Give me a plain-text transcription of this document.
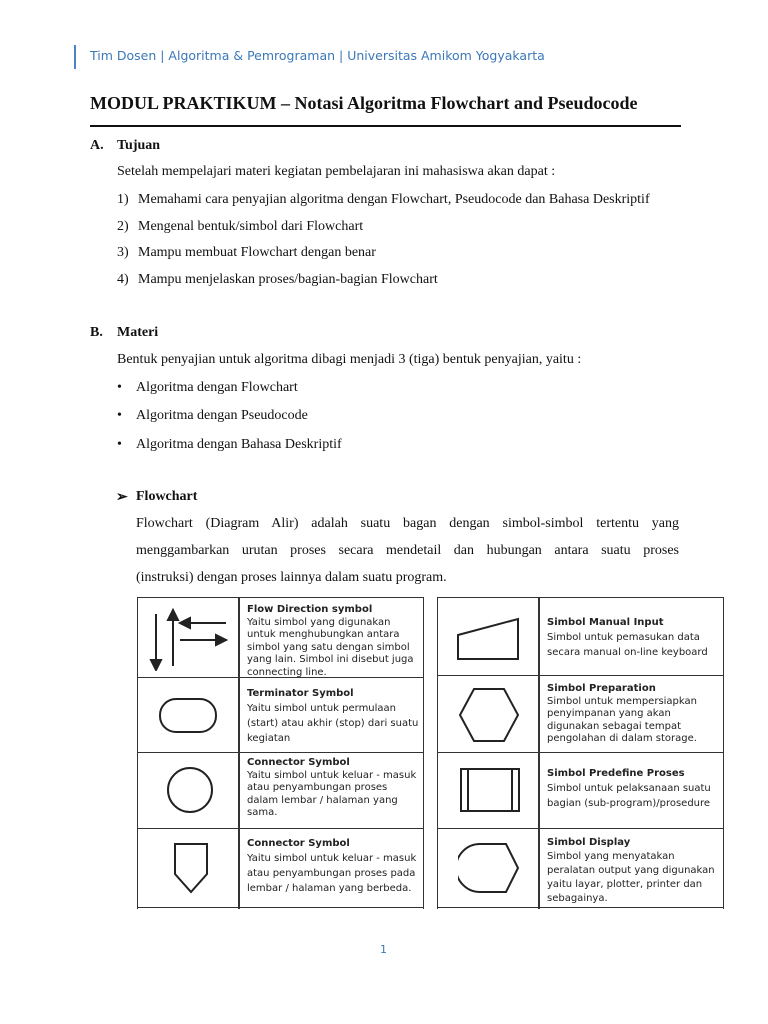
Tim Dosen | Algoritma & Pemrograman | Universitas Amikom Yogyakarta
MODUL PRAKTIKUM – Notasi Algoritma Flowchart and Pseudocode
A. Tujuan
Setelah mempelajari materi kegiatan pembelajaran ini mahasiswa akan dapat :
1) Memahami cara penyajian algoritma dengan Flowchart, Pseudocode dan Bahasa Deskriptif
2) Mengenal bentuk/simbol dari Flowchart
3) Mampu membuat Flowchart dengan benar
4) Mampu menjelaskan proses/bagian-bagian Flowchart
B. Materi
Bentuk penyajian untuk algoritma dibagi menjadi 3 (tiga) bentuk penyajian, yaitu :
• Algoritma dengan Flowchart
• Algoritma dengan Pseudocode
• Algoritma dengan Bahasa Deskriptif
➢ Flowchart
Flowchart (Diagram Alir) adalah suatu bagan dengan simbol-simbol tertentu yang
menggambarkan urutan proses secara mendetail dan hubungan antara suatu proses
(instruksi) dengan proses lainnya dalam suatu program.
Flow Direction symbol
Yaitu simbol yang digunakan untuk menghubungkan antara simbol yang satu dengan simbol yang lain. Simbol ini disebut juga connecting line.
Terminator Symbol
Yaitu simbol untuk permulaan (start) atau akhir (stop) dari suatu kegiatan
Connector Symbol
Yaitu simbol untuk keluar - masuk atau penyambungan proses dalam lembar / halaman yang sama.
Connector Symbol
Yaitu simbol untuk keluar - masuk atau penyambungan proses pada lembar / halaman yang berbeda.
Simbol Manual Input
Simbol untuk pemasukan data secara manual on-line keyboard
Simbol Preparation
Simbol untuk mempersiapkan penyimpanan yang akan digunakan sebagai tempat pengolahan di dalam storage.
Simbol Predefine Proses
Simbol untuk pelaksanaan suatu bagian (sub-program)/prosedure
Simbol Display
Simbol yang menyatakan peralatan output yang digunakan yaitu layar, plotter, printer dan sebagainya.
1
